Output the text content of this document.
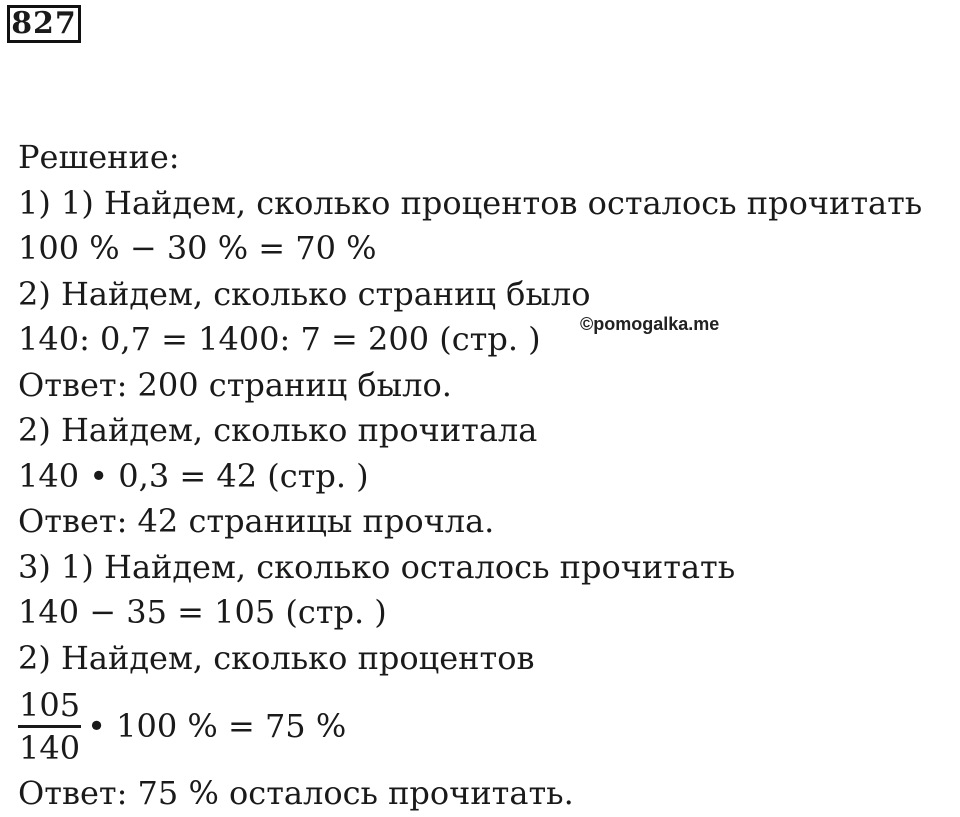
827
©pomogalka.me
Решение:
1) 1) Найдем, сколько процентов осталось прочитать
100 % − 30 % = 70 %
2) Найдем, сколько страниц было
140: 0,7 = 1400: 7 = 200 (стр. )
Ответ: 200 страниц было.
2) Найдем, сколько прочитала
140 • 0,3 = 42 (стр. )
Ответ: 42 страницы прочла.
3) 1) Найдем, сколько осталось прочитать
140 − 35 = 105 (стр. )
2) Найдем, сколько процентов
$\frac{105}{140}$ • 100 % = 75 %
Ответ: 75 % осталось прочитать.
